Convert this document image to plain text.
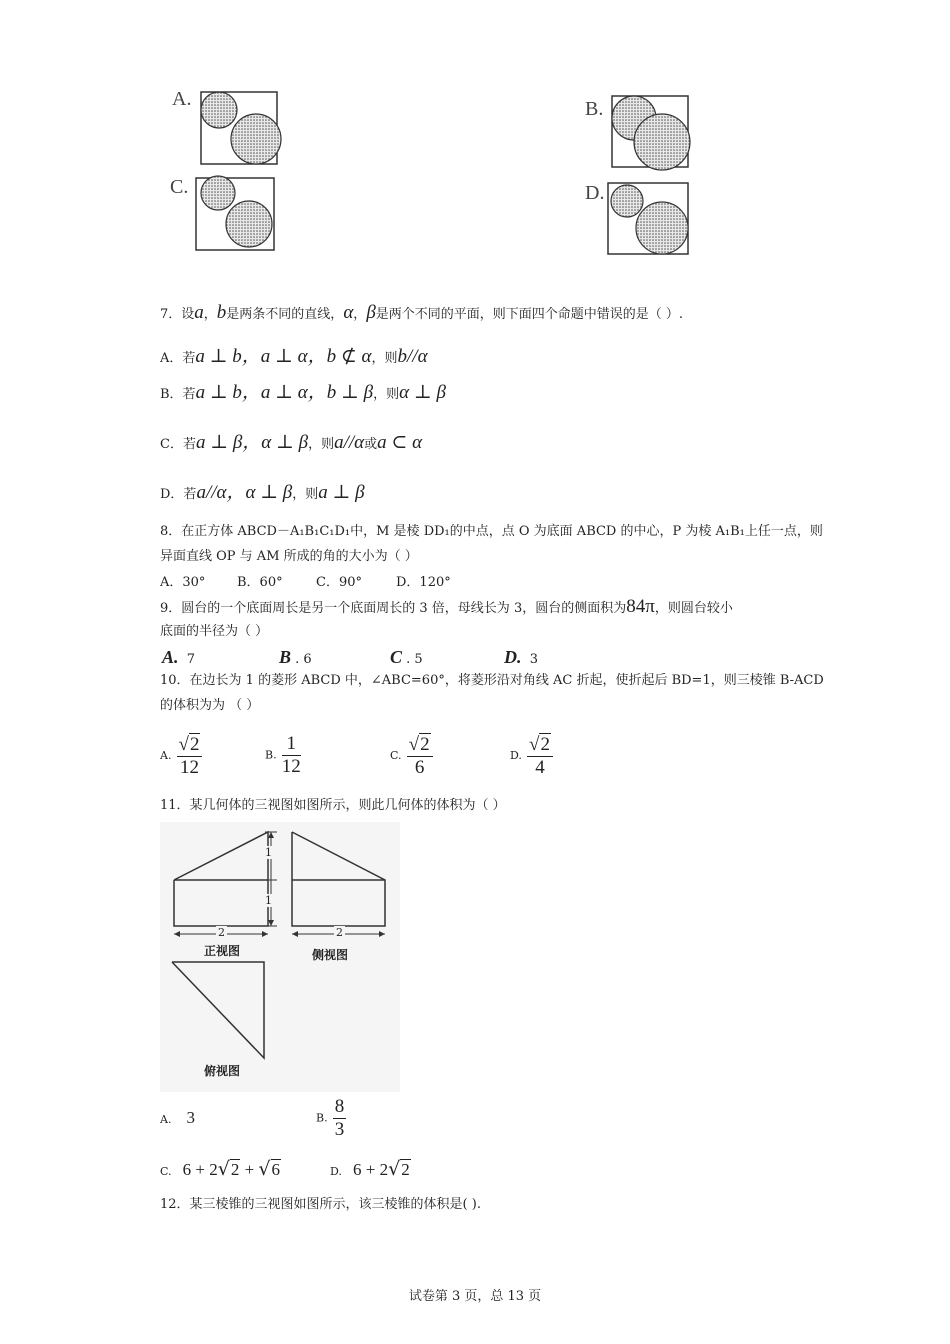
A.	B.
C.	D.
7．设a，b是两条不同的直线，α，β是两个不同的平面，则下面四个命题中错误的是（ ）.
A．若a ⊥ b，a ⊥ α，b ⊄ α，则b//α
B．若a ⊥ b，a ⊥ α，b ⊥ β，则α ⊥ β
C．若a ⊥ β，α ⊥ β，则a//α或a ⊂ α
D．若a//α，α ⊥ β，则a ⊥ β
8．在正方体 ABCD－A₁B₁C₁D₁中，M 是棱 DD₁的中点，点 O 为底面 ABCD 的中心，P 为棱 A₁B₁上任一点，则
异面直线 OP 与 AM 所成的角的大小为（ ）
A．30° B．60°	C．90°	D．120°
9．圆台的一个底面周长是另一个底面周长的 3 倍，母线长为 3，圆台的侧面积为84π，则圆台较小
底面的半径为（ ）
A. 7	B . 6	C . 5	D. 3
10．在边长为 1 的菱形 ABCD 中，∠ABC=60°，将菱形沿对角线 AC 折起，使折起后 BD=1，则三棱锥 B-ACD
的体积为为 （ ）
A. $\frac{√2}{12}$	B. $\frac{1}{12}$	C. $\frac{√2}{6}$	D. $\frac{√2}{4}$
11．某几何体的三视图如图所示，则此几何体的体积为（ ）
1
1
2	2
正视图	侧视图
俯视图
A. 3	B. $\frac{8}{3}$
C. 6 + 2√2 + √6	D. 6 + 2√2
12．某三棱锥的三视图如图所示，该三棱锥的体积是( ).
试卷第 3 页，总 13 页
